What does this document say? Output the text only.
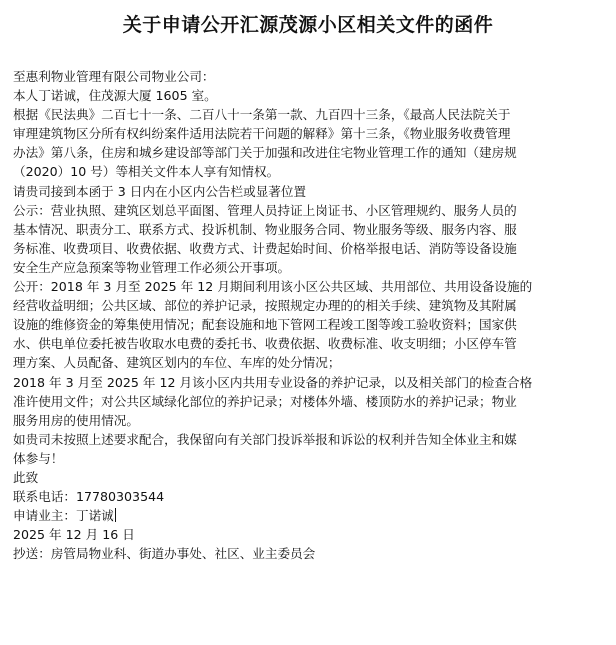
关于申请公开汇源茂源小区相关文件的函件
至惠利物业管理有限公司物业公司：
本人丁诺诚，住茂源大厦 1605 室。
根据《民法典》二百七十一条、二百八十一条第一款、九百四十三条，《最高人民法院关于
审理建筑物区分所有权纠纷案件适用法院若干问题的解释》第十三条，《物业服务收费管理
办法》第八条，住房和城乡建设部等部门关于加强和改进住宅物业管理工作的通知（建房规
（2020）10 号）等相关文件本人享有知情权。
请贵司接到本函于 3 日内在小区内公告栏或显著位置
公示：营业执照、建筑区划总平面图、管理人员持证上岗证书、小区管理规约、服务人员的
基本情况、职责分工、联系方式、投诉机制、物业服务合同、物业服务等级、服务内容、服
务标准、收费项目、收费依据、收费方式、计费起始时间、价格举报电话、消防等设备设施
安全生产应急预案等物业管理工作必须公开事项。
公开：2018 年 3 月至 2025 年 12 月期间利用该小区公共区域、共用部位、共用设备设施的
经营收益明细；公共区域、部位的养护记录，按照规定办理的的相关手续、建筑物及其附属
设施的维修资金的筹集使用情况；配套设施和地下管网工程竣工图等竣工验收资料；国家供
水、供电单位委托被告收取水电费的委托书、收费依据、收费标准、收支明细；小区停车管
理方案、人员配备、建筑区划内的车位、车库的处分情况；
2018 年 3 月至 2025 年 12 月该小区内共用专业设备的养护记录，以及相关部门的检查合格
准许使用文件；对公共区域绿化部位的养护记录；对楼体外墙、楼顶防水的养护记录；物业
服务用房的使用情况。
如贵司未按照上述要求配合，我保留向有关部门投诉举报和诉讼的权利并告知全体业主和媒
体参与！
此致
联系电话：17780303544
申请业主：丁诺诚
2025 年 12 月 16 日
抄送：房管局物业科、街道办事处、社区、业主委员会
